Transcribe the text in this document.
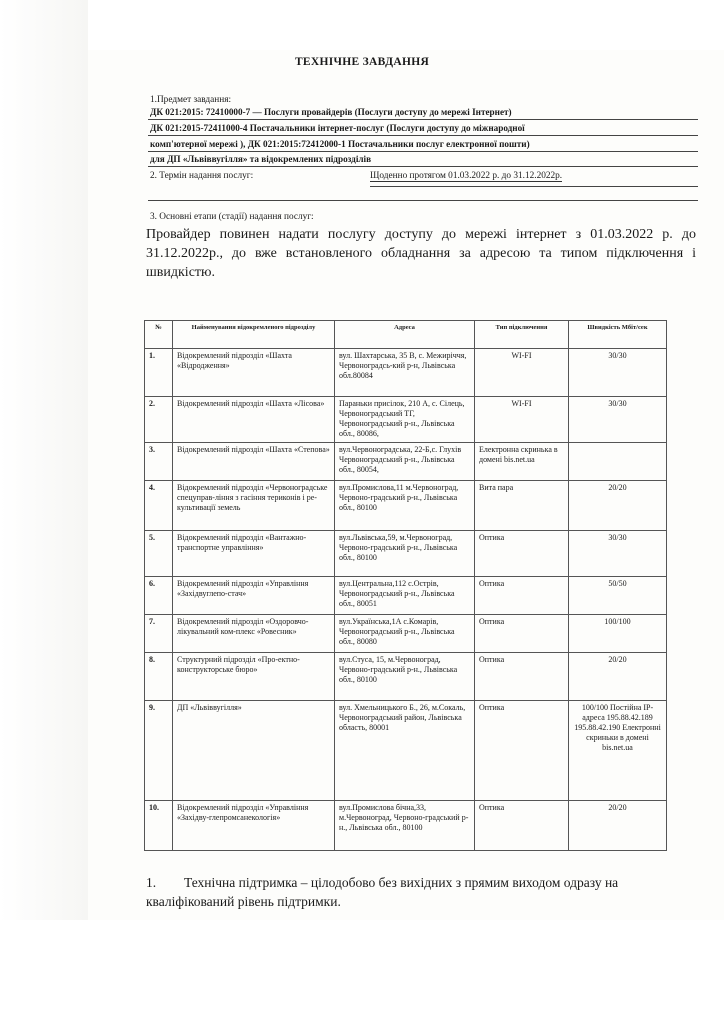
ТЕХНІЧНЕ ЗАВДАННЯ
1.Предмет завдання:
ДК 021:2015: 72410000-7 — Послуги провайдерів (Послуги доступу до мережі Інтернет)
ДК 021:2015-72411000-4 Постачальники інтернет-послуг (Послуги доступу до міжнародної
комп'ютерної мережі ), ДК 021:2015:72412000-1 Постачальники послуг електронної пошти)
для ДП «Львіввугілля» та відокремлених підрозділів
2. Термін надання послуг:	Щоденно протягом 01.03.2022 р. до 31.12.2022р.
3. Основні етапи (стадії) надання послуг:
Провайдер повинен надати послугу доступу до мережі інтернет з 01.03.2022 р. до 31.12.2022р., до вже встановленого обладнання за адресою та типом підключення і швидкістю.
№	Найменування відокремленого підрозділу	Адреса	Тип підключення	Швидкість Мбіт/сек
1.	Відокремлений підрозділ «Шахта «Відродження»	вул. Шахтарська, 35 В, с. Межиріччя, Червоноградсь-кий р-н, Львівська обл.80084	WI-FI	30/30
2.	Відокремлений підрозділ «Шахта «Лісова»	Параньки присілок, 210 А, с. Сілець, Червоноградський ТГ, Червоноградський р-н., Львівська обл., 80086,	WI-FI	30/30
3.	Відокремлений підрозділ «Шахта «Степова»	вул.Червоноградська, 22-Б,с. Глухів Червоноградський р-н., Львівська обл., 80054,	Електронна скринька в домені bis.net.ua	
4.	Відокремлений підрозділ «Червоноградське спецуправ-ління з гасіння териконів і ре-культивації земель	вул.Промислова,11 м.Червоноград, Червоно-градський р-н., Львівська обл., 80100	Вита пара	20/20
5.	Відокремлений підрозділ «Вантажно-транспортне управління»	вул.Львівська,59, м.Червоноград, Червоно-градський р-н., Львівська обл., 80100	Оптика	30/30
6.	Відокремлений підрозділ «Управління «Західвуглепо-стач»	вул.Центральна,112 с.Острів, Червоноградський р-н., Львівська обл., 80051	Оптика	50/50
7.	Відокремлений підрозділ «Оздоровчо-лікувальний ком-плекс «Ровесник»	вул.Українська,1А с.Комарів, Червоноградський р-н., Львівська обл., 80080	Оптика	100/100
8.	Структурний підрозділ «Про-ектно-конструкторське бюро»	вул.Стуса, 15, м.Червоноград, Червоно-градський р-н., Львівська обл., 80100	Оптика	20/20
9.	ДП «Львіввугілля»	вул. Хмельницького Б., 26, м.Сокаль, Червоноградський район, Львівська область, 80001	Оптика	100/100 Постійна IP-адреса 195.88.42.189 195.88.42.190 Електронні скриньки в домені bis.net.ua
10.	Відокремлений підрозділ «Управління «Західву-глепромсанекологія»	вул.Промислова бічна,33, м.Червоноград, Червоно-градський р-н., Львівська обл., 80100	Оптика	20/20
1. Технічна підтримка – цілодобово без вихідних з прямим виходом одразу на кваліфікований рівень підтримки.
